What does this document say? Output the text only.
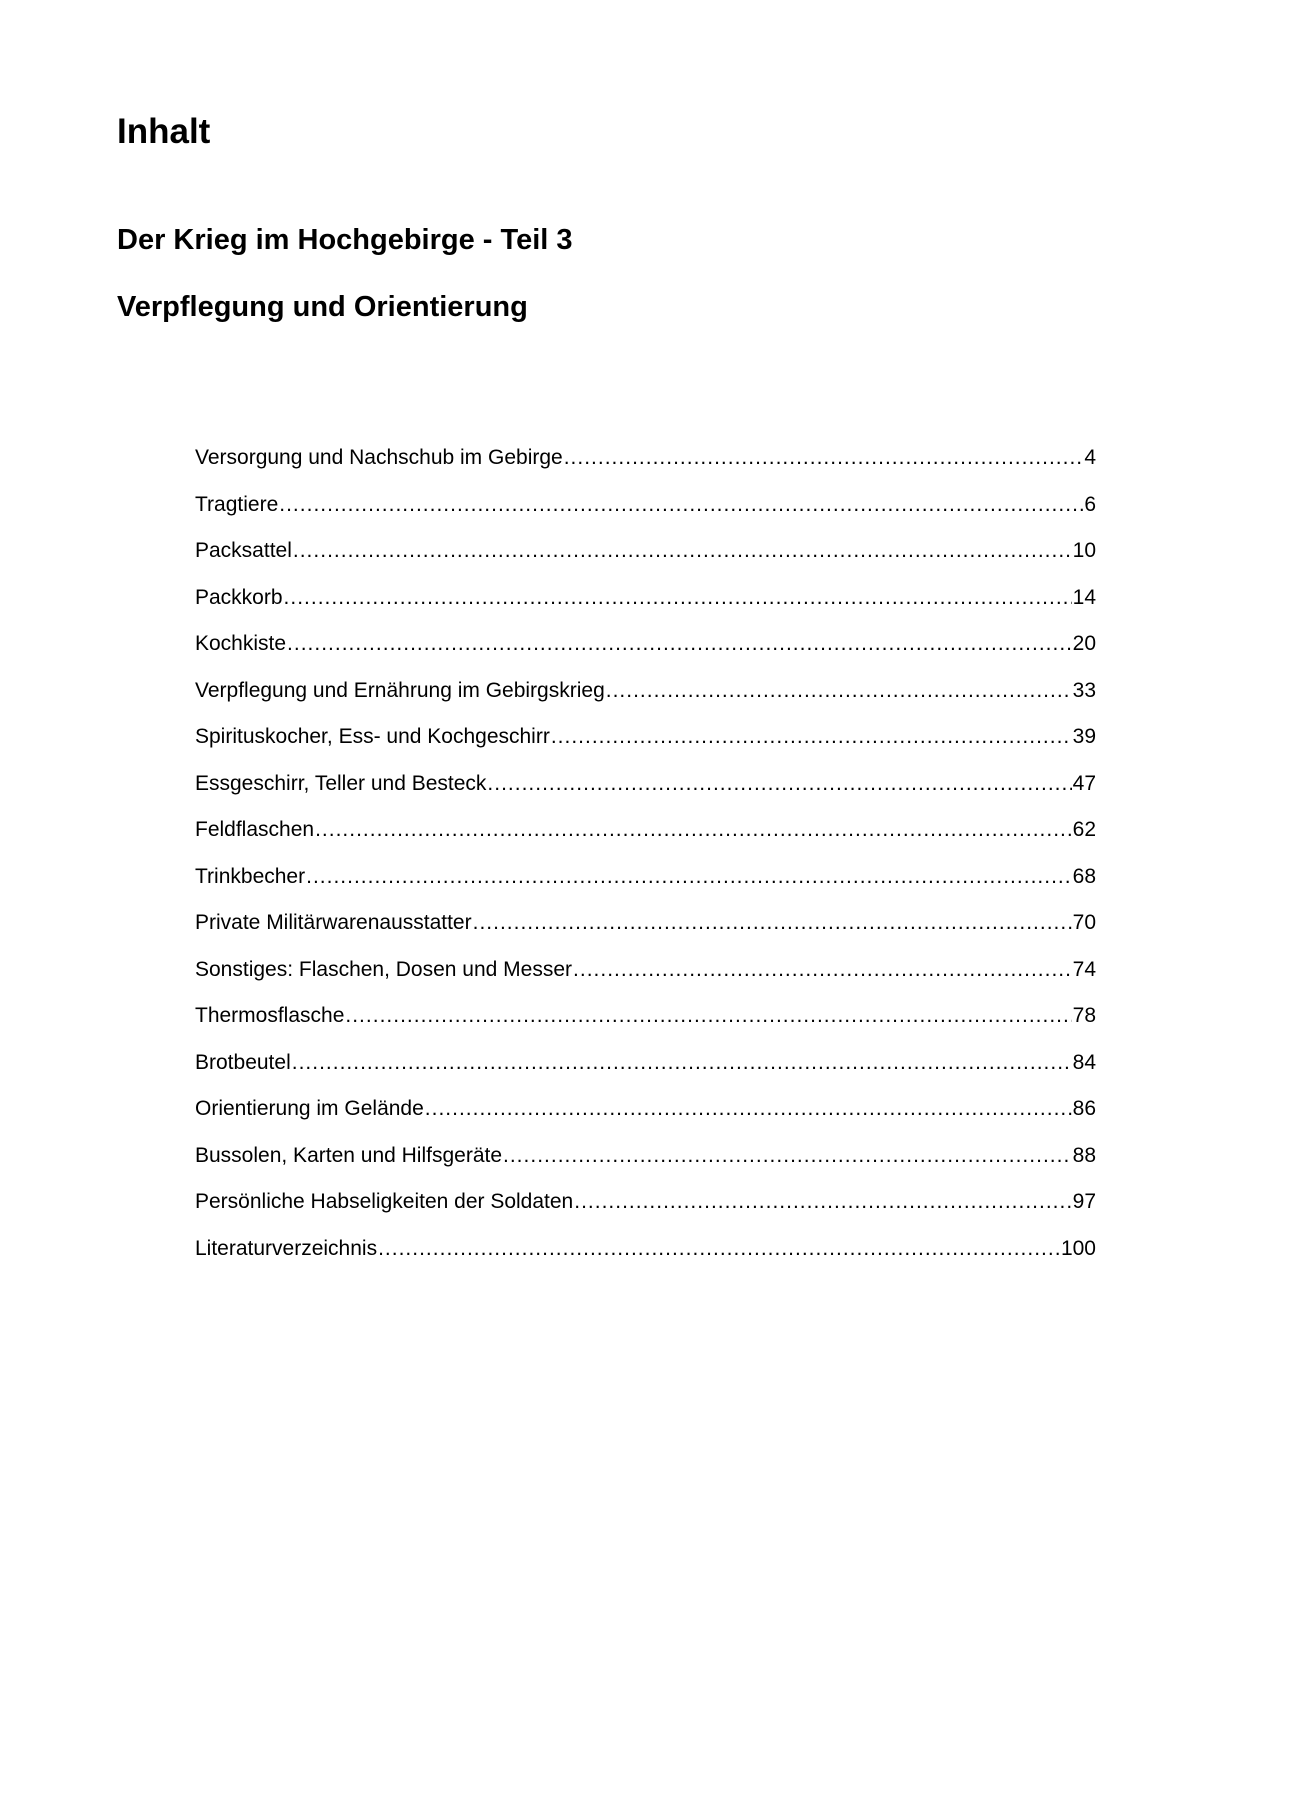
Inhalt
Der Krieg im Hochgebirge - Teil 3
Verpflegung und Orientierung
Versorgung und Nachschub im Gebirge .....	4
Tragtiere .....	6
Packsattel .....	10
Packkorb .....	14
Kochkiste .....	20
Verpflegung und Ernährung im Gebirgskrieg .....	33
Spirituskocher, Ess- und Kochgeschirr .....	39
Essgeschirr, Teller und Besteck .....	47
Feldflaschen .....	62
Trinkbecher .....	68
Private Militärwarenausstatter .....	70
Sonstiges: Flaschen, Dosen und Messer .....	74
Thermosflasche .....	78
Brotbeutel .....	84
Orientierung im Gelände .....	86
Bussolen, Karten und Hilfsgeräte .....	88
Persönliche Habseligkeiten der Soldaten .....	97
Literaturverzeichnis .....	100
